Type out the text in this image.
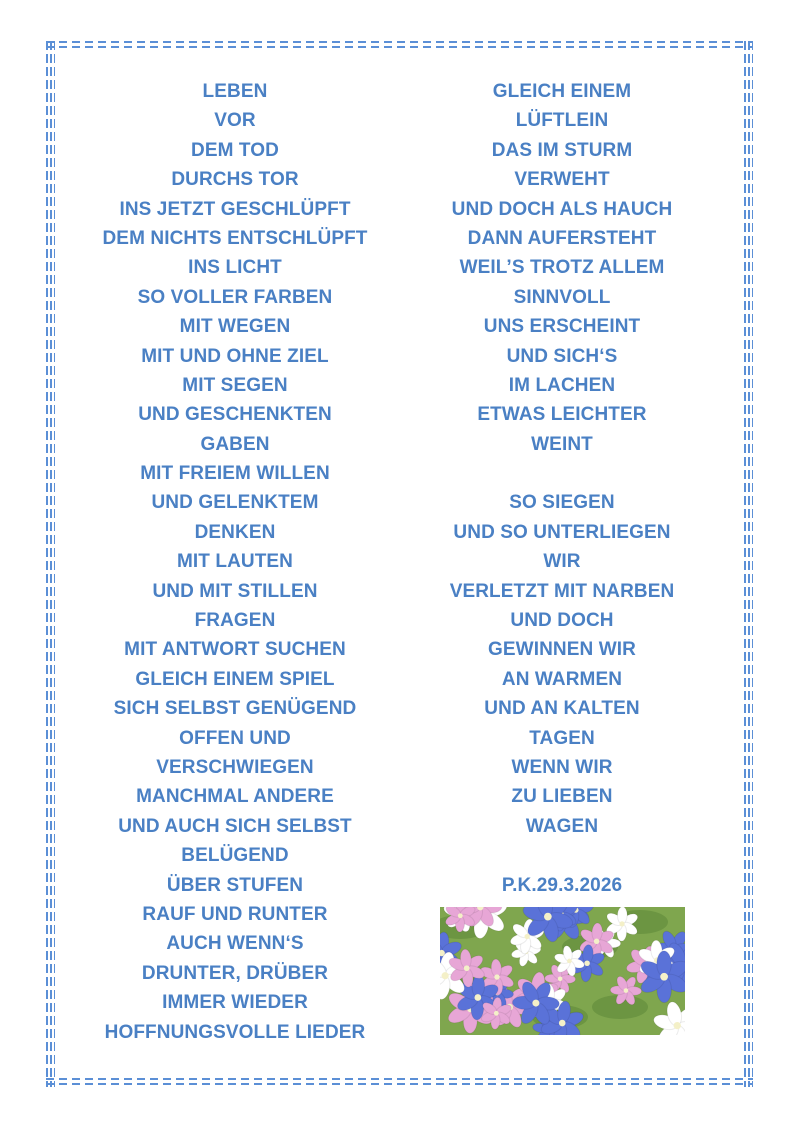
LEBEN
VOR
DEM TOD
DURCHS TOR
INS JETZT GESCHLÜPFT
DEM NICHTS ENTSCHLÜPFT
INS LICHT
SO VOLLER FARBEN
MIT WEGEN
MIT UND OHNE ZIEL
MIT SEGEN
UND GESCHENKTEN
GABEN
MIT FREIEM WILLEN
UND GELENKTEM
DENKEN
MIT LAUTEN
UND MIT STILLEN
FRAGEN
MIT ANTWORT SUCHEN
GLEICH EINEM SPIEL
SICH SELBST GENÜGEND
OFFEN UND
VERSCHWIEGEN
MANCHMAL ANDERE
UND AUCH SICH SELBST
BELÜGEND
ÜBER STUFEN
RAUF UND RUNTER
AUCH WENN‘S
DRUNTER, DRÜBER
IMMER WIEDER
HOFFNUNGSVOLLE LIEDER
GLEICH EINEM
LÜFTLEIN
DAS IM STURM
VERWEHT
UND DOCH ALS HAUCH
DANN AUFERSTEHT
WEIL’S TROTZ ALLEM
SINNVOLL
UNS ERSCHEINT
UND SICH‘S
IM LACHEN
ETWAS LEICHTER
WEINT
SO SIEGEN
UND SO UNTERLIEGEN
WIR
VERLETZT MIT NARBEN
UND DOCH
GEWINNEN WIR
AN WARMEN
UND AN KALTEN
TAGEN
WENN WIR
ZU LIEBEN
WAGEN
P.K.29.3.2026
